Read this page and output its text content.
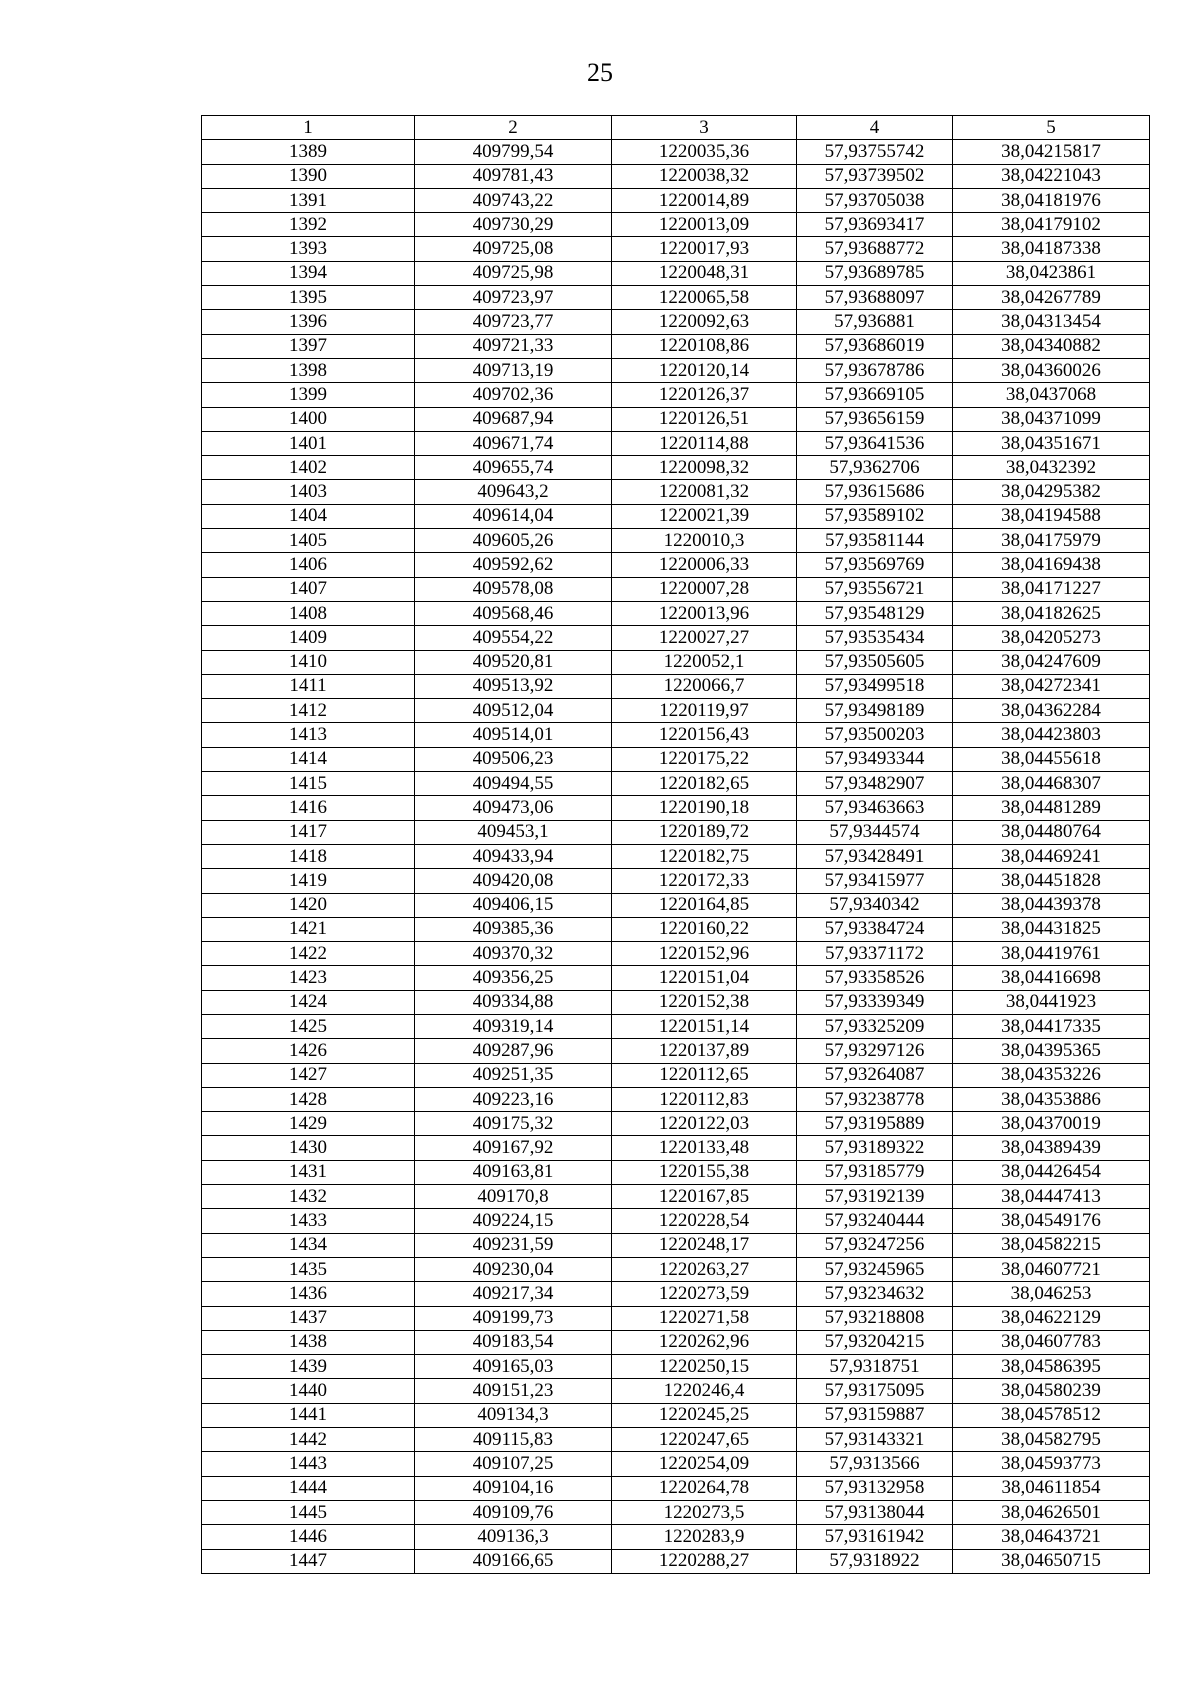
25
1	2	3	4	5
1389	409799,54	1220035,36	57,93755742	38,04215817
1390	409781,43	1220038,32	57,93739502	38,04221043
1391	409743,22	1220014,89	57,93705038	38,04181976
1392	409730,29	1220013,09	57,93693417	38,04179102
1393	409725,08	1220017,93	57,93688772	38,04187338
1394	409725,98	1220048,31	57,93689785	38,0423861
1395	409723,97	1220065,58	57,93688097	38,04267789
1396	409723,77	1220092,63	57,936881	38,04313454
1397	409721,33	1220108,86	57,93686019	38,04340882
1398	409713,19	1220120,14	57,93678786	38,04360026
1399	409702,36	1220126,37	57,93669105	38,0437068
1400	409687,94	1220126,51	57,93656159	38,04371099
1401	409671,74	1220114,88	57,93641536	38,04351671
1402	409655,74	1220098,32	57,9362706	38,0432392
1403	409643,2	1220081,32	57,93615686	38,04295382
1404	409614,04	1220021,39	57,93589102	38,04194588
1405	409605,26	1220010,3	57,93581144	38,04175979
1406	409592,62	1220006,33	57,93569769	38,04169438
1407	409578,08	1220007,28	57,93556721	38,04171227
1408	409568,46	1220013,96	57,93548129	38,04182625
1409	409554,22	1220027,27	57,93535434	38,04205273
1410	409520,81	1220052,1	57,93505605	38,04247609
1411	409513,92	1220066,7	57,93499518	38,04272341
1412	409512,04	1220119,97	57,93498189	38,04362284
1413	409514,01	1220156,43	57,93500203	38,04423803
1414	409506,23	1220175,22	57,93493344	38,04455618
1415	409494,55	1220182,65	57,93482907	38,04468307
1416	409473,06	1220190,18	57,93463663	38,04481289
1417	409453,1	1220189,72	57,9344574	38,04480764
1418	409433,94	1220182,75	57,93428491	38,04469241
1419	409420,08	1220172,33	57,93415977	38,04451828
1420	409406,15	1220164,85	57,9340342	38,04439378
1421	409385,36	1220160,22	57,93384724	38,04431825
1422	409370,32	1220152,96	57,93371172	38,04419761
1423	409356,25	1220151,04	57,93358526	38,04416698
1424	409334,88	1220152,38	57,93339349	38,0441923
1425	409319,14	1220151,14	57,93325209	38,04417335
1426	409287,96	1220137,89	57,93297126	38,04395365
1427	409251,35	1220112,65	57,93264087	38,04353226
1428	409223,16	1220112,83	57,93238778	38,04353886
1429	409175,32	1220122,03	57,93195889	38,04370019
1430	409167,92	1220133,48	57,93189322	38,04389439
1431	409163,81	1220155,38	57,93185779	38,04426454
1432	409170,8	1220167,85	57,93192139	38,04447413
1433	409224,15	1220228,54	57,93240444	38,04549176
1434	409231,59	1220248,17	57,93247256	38,04582215
1435	409230,04	1220263,27	57,93245965	38,04607721
1436	409217,34	1220273,59	57,93234632	38,046253
1437	409199,73	1220271,58	57,93218808	38,04622129
1438	409183,54	1220262,96	57,93204215	38,04607783
1439	409165,03	1220250,15	57,9318751	38,04586395
1440	409151,23	1220246,4	57,93175095	38,04580239
1441	409134,3	1220245,25	57,93159887	38,04578512
1442	409115,83	1220247,65	57,93143321	38,04582795
1443	409107,25	1220254,09	57,9313566	38,04593773
1444	409104,16	1220264,78	57,93132958	38,04611854
1445	409109,76	1220273,5	57,93138044	38,04626501
1446	409136,3	1220283,9	57,93161942	38,04643721
1447	409166,65	1220288,27	57,9318922	38,04650715
